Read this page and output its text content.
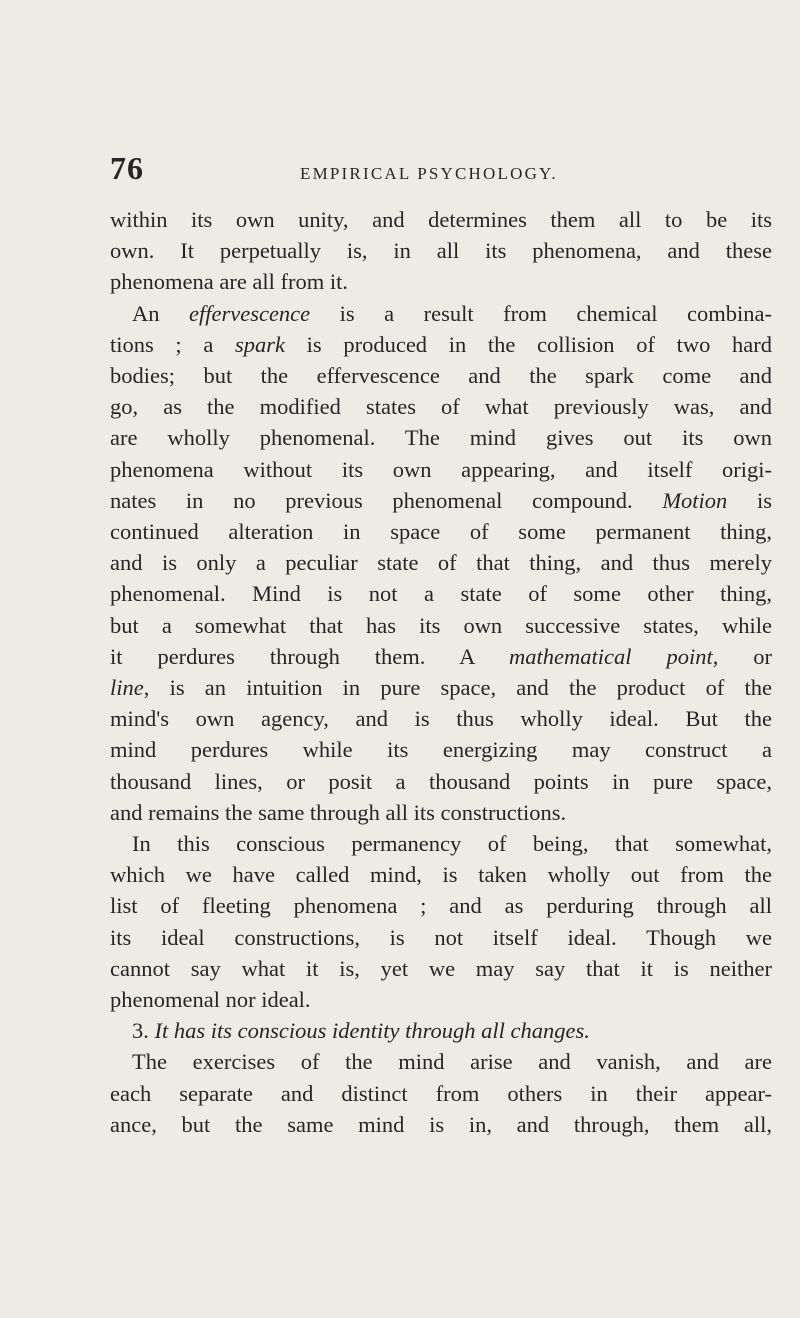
76	EMPIRICAL PSYCHOLOGY.
within its own unity, and determines them all to be its
own. It perpetually is, in all its phenomena, and these
phenomena are all from it.
An effervescence is a result from chemical combina-
tions ; a spark is produced in the collision of two hard
bodies; but the effervescence and the spark come and
go, as the modified states of what previously was, and
are wholly phenomenal. The mind gives out its own
phenomena without its own appearing, and itself origi-
nates in no previous phenomenal compound. Motion is
continued alteration in space of some permanent thing,
and is only a peculiar state of that thing, and thus merely
phenomenal. Mind is not a state of some other thing,
but a somewhat that has its own successive states, while
it perdures through them. A mathematical point, or
line, is an intuition in pure space, and the product of the
mind's own agency, and is thus wholly ideal. But the
mind perdures while its energizing may construct a
thousand lines, or posit a thousand points in pure space,
and remains the same through all its constructions.
In this conscious permanency of being, that somewhat,
which we have called mind, is taken wholly out from the
list of fleeting phenomena ; and as perduring through all
its ideal constructions, is not itself ideal. Though we
cannot say what it is, yet we may say that it is neither
phenomenal nor ideal.
3. It has its conscious identity through all changes.
The exercises of the mind arise and vanish, and are
each separate and distinct from others in their appear-
ance, but the same mind is in, and through, them all,
